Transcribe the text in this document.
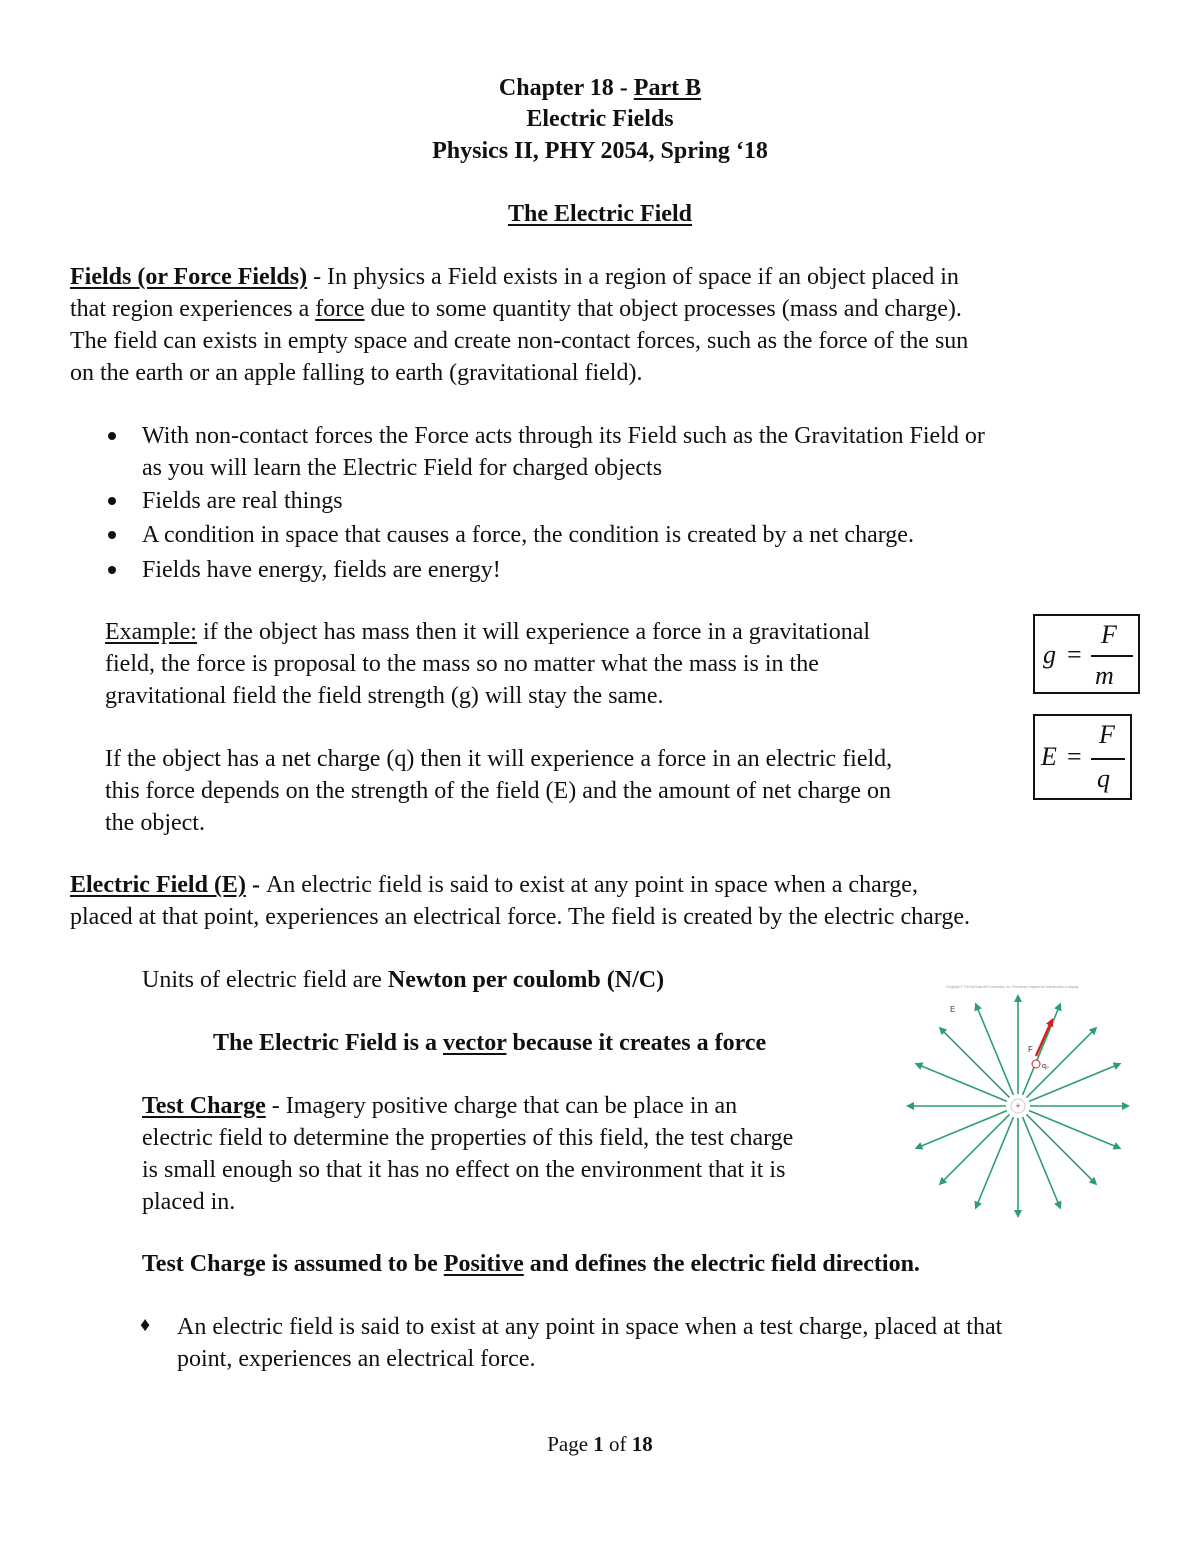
Chapter 18 - Part B
Electric Fields
Physics II, PHY 2054, Spring ‘18
The Electric Field
Fields (or Force Fields) - In physics a Field exists in a region of space if an object placed in
that region experiences a force due to some quantity that object processes (mass and charge).
The field can exists in empty space and create non-contact forces, such as the force of the sun
on the earth or an apple falling to earth (gravitational field).
With non-contact forces the Force acts through its Field such as the Gravitation Field or
as you will learn the Electric Field for charged objects
Fields are real things
A condition in space that causes a force, the condition is created by a net charge.
Fields have energy, fields are energy!
Example: if the object has mass then it will experience a force in a gravitational
field, the force is proposal to the mass so no matter what the mass is in the
gravitational field the field strength (g) will stay the same.
g =
F
m
E =
F
q
If the object has a net charge (q) then it will experience a force in an electric field,
this force depends on the strength of the field (E) and the amount of net charge on
the object.
Electric Field (E) - An electric field is said to exist at any point in space when a charge,
placed at that point, experiences an electrical force. The field is created by the electric charge.
Units of electric field are Newton per coulomb (N/C)
The Electric Field is a vector because it creates a force
Test Charge - Imagery positive charge that can be place in an
electric field to determine the properties of this field, the test charge
is small enough so that it has no effect on the environment that it is
placed in.
Copyright © The McGraw-Hill Companies, Inc. Permission required for reproduction or display.
E
F
q₀
+
Test Charge is assumed to be Positive and defines the electric field direction.
♦ An electric field is said to exist at any point in space when a test charge, placed at that
point, experiences an electrical force.
Page 1 of 18
